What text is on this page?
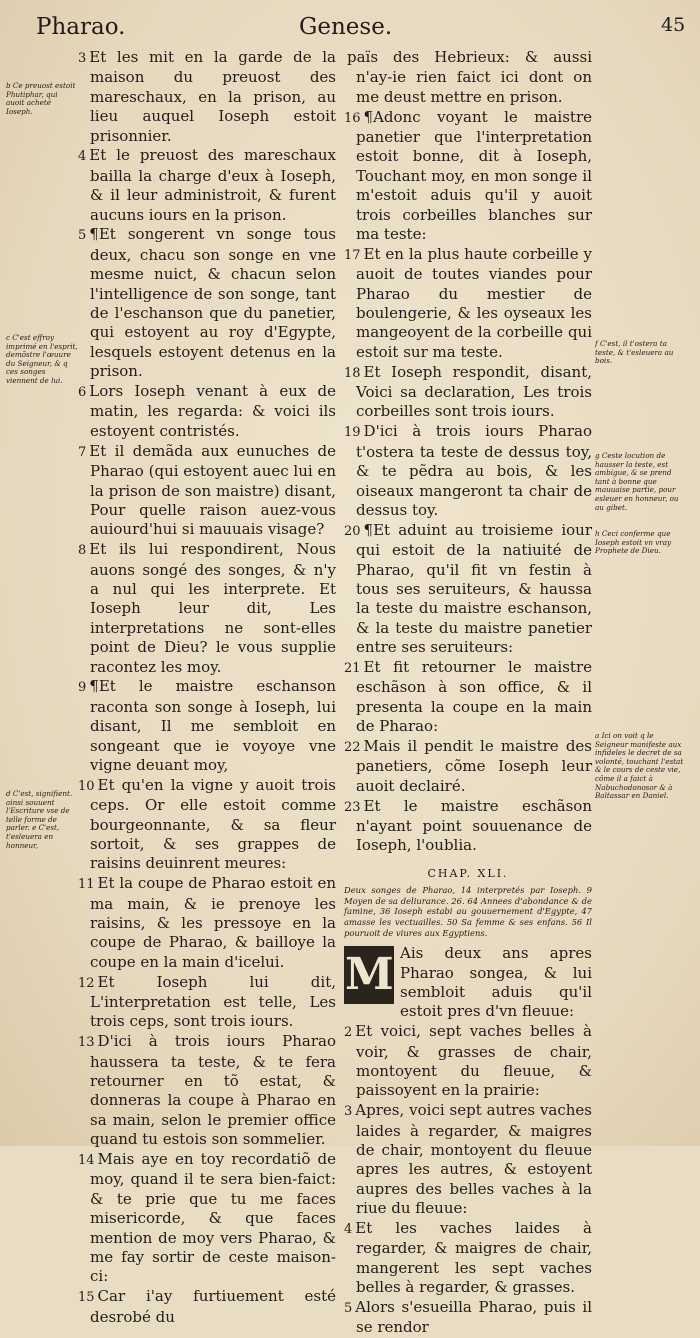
Pharao.	Genese.	45
b Ce preuost estoit Phutiphar, qui auoit acheté Ioseph.
c C'est effroy imprimé en l'esprit, demõstre l'œuure du Seigneur, & q ces songes viennent de lui.
d C'est, signifient. ainsi souuent l'Escriture vse de telle forme de parler. e C'est, t'esleuera en honneur,
f C'est, il t'ostera ta teste, & t'esleuera au bois.
g Ceste locution de hausser la teste, est ambigue, & se prend tant à bonne que mauuaise partie, pour esleuer en honneur, ou au gibet.
h Ceci conferme que Ioseph estoit vn vray Prophete de Dieu.
a Ici on voit q le Seigneur manifeste aux infideles le decret de sa volonté, touchant l'estat & le cours de ceste vie, côme il a faict à Nabuchodonosor & à Baltassar en Daniel.

3 Et les mit en la garde de la maison du preuost des mareschaux, en la prison, au lieu auquel Ioseph estoit prisonnier.

4 Et le preuost des mareschaux bailla la charge d'eux à Ioseph, & il leur administroit, & furent aucuns iours en la prison.

5 ¶Et songerent vn songe tous deux, chacu son songe en vne mesme nuict, & chacun selon l'intelligence de son songe, tant de l'eschanson que du panetier, qui estoyent au roy d'Egypte, lesquels estoyent detenus en la prison.

6 Lors Ioseph venant à eux de matin, les regarda: & voici ils estoyent contristés.

7 Et il demãda aux eunuches de Pharao (qui estoyent auec lui en la prison de son maistre) disant, Pour quelle raison auez-vous auiourd'hui si mauuais visage?

8 Et ils lui respondirent, Nous auons songé des songes, & n'y a nul qui les interprete. Et Ioseph leur dit, Les interpretations ne sont-elles point de Dieu? le vous supplie racontez les moy.

9 ¶Et le maistre eschanson raconta son songe à Ioseph, lui disant, Il me sembloit en songeant que ie voyoye vne vigne deuant moy,

10 Et qu'en la vigne y auoit trois ceps. Or elle estoit comme bourgeonnante, & sa fleur sortoit, & ses grappes de raisins deuinrent meures:

11 Et la coupe de Pharao estoit en ma main, & ie prenoye les raisins, & les pressoye en la coupe de Pharao, & bailloye la coupe en la main d'icelui.

12 Et Ioseph lui dit, L'interpretation est telle, Les trois ceps, sont trois iours.

13 D'ici à trois iours Pharao haussera ta teste, & te fera retourner en tõ estat, & donneras la coupe à Pharao en sa main, selon le premier office quand tu estois son sommelier.

14 Mais aye en toy recordatiõ de moy, quand il te sera bien-faict: & te prie que tu me faces misericorde, & que faces mention de moy vers Pharao, & me fay sortir de ceste maison-ci:

15 Car i'ay furtiuement esté desrobé du

païs des Hebrieux: & aussi n'ay-ie rien faict ici dont on me deust mettre en prison.

16 ¶Adonc voyant le maistre panetier que l'interpretation estoit bonne, dit à Ioseph, Touchant moy, en mon songe il m'estoit aduis qu'il y auoit trois corbeilles blanches sur ma teste:

17 Et en la plus haute corbeille y auoit de toutes viandes pour Pharao du mestier de boulengerie, & les oyseaux les mangeoyent de la corbeille qui estoit sur ma teste.

18 Et Ioseph respondit, disant, Voici sa declaration, Les trois corbeilles sont trois iours.

19 D'ici à trois iours Pharao t'ostera ta teste de dessus toy, & te pẽdra au bois, & les oiseaux mangeront ta chair de dessus toy.

20 ¶Et aduint au troisieme iour qui estoit de la natiuité de Pharao, qu'il fit vn festin à tous ses seruiteurs, & haussa la teste du maistre eschanson, & la teste du maistre panetier entre ses seruiteurs:

21 Et fit retourner le maistre eschãson à son office, & il presenta la coupe en la main de Pharao:

22 Mais il pendit le maistre des panetiers, cõme Ioseph leur auoit declairé.

23 Et le maistre eschãson n'ayant point souuenance de Ioseph, l'oublia.

CHAP. XLI.
Deux songes de Pharao, 14 interpretés par Ioseph. 9 Moyen de sa deliurance. 26. 64 Annees d'abondance & de famine, 36 Ioseph estabi au gouuernement d'Egypte, 47 amasse les vectuailles. 50 Sa femme & ses enfans. 56 Il pouruoit de viures aux Egyptiens.
M Ais deux ans apres Pharao songea, & lui sembloit aduis qu'il estoit pres d'vn fleuue:

2 Et voici, sept vaches belles à voir, & grasses de chair, montoyent du fleuue, & paissoyent en la prairie:

3 Apres, voici sept autres vaches laides à regarder, & maigres de chair, montoyent du fleuue apres les autres, & estoyent aupres des belles vaches à la riue du fleuue:

4 Et les vaches laides à regarder, & maigres de chair, mangerent les sept vaches belles à regarder, & grasses.

5 Alors s'esueilla Pharao, puis il se rendor
